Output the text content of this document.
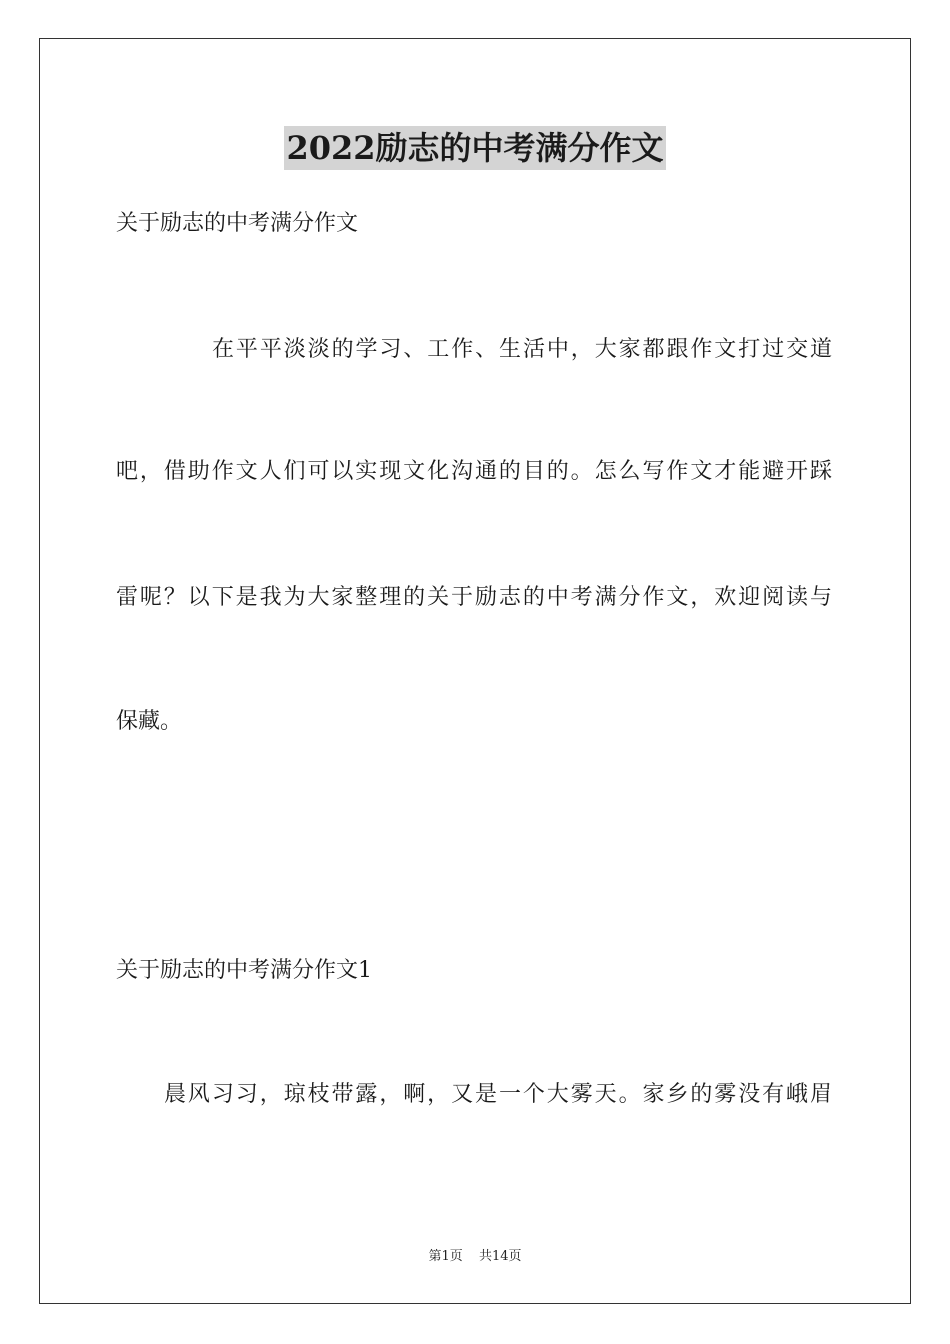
2022励志的中考满分作文
关于励志的中考满分作文
在平平淡淡的学习、工作、生活中，大家都跟作文打过交道
吧，借助作文人们可以实现文化沟通的目的。怎么写作文才能避开踩
雷呢？以下是我为大家整理的关于励志的中考满分作文，欢迎阅读与
保藏。
关于励志的中考满分作文1
晨风习习，琼枝带露，啊，又是一个大雾天。家乡的雾没有峨眉
第1页 共14页
